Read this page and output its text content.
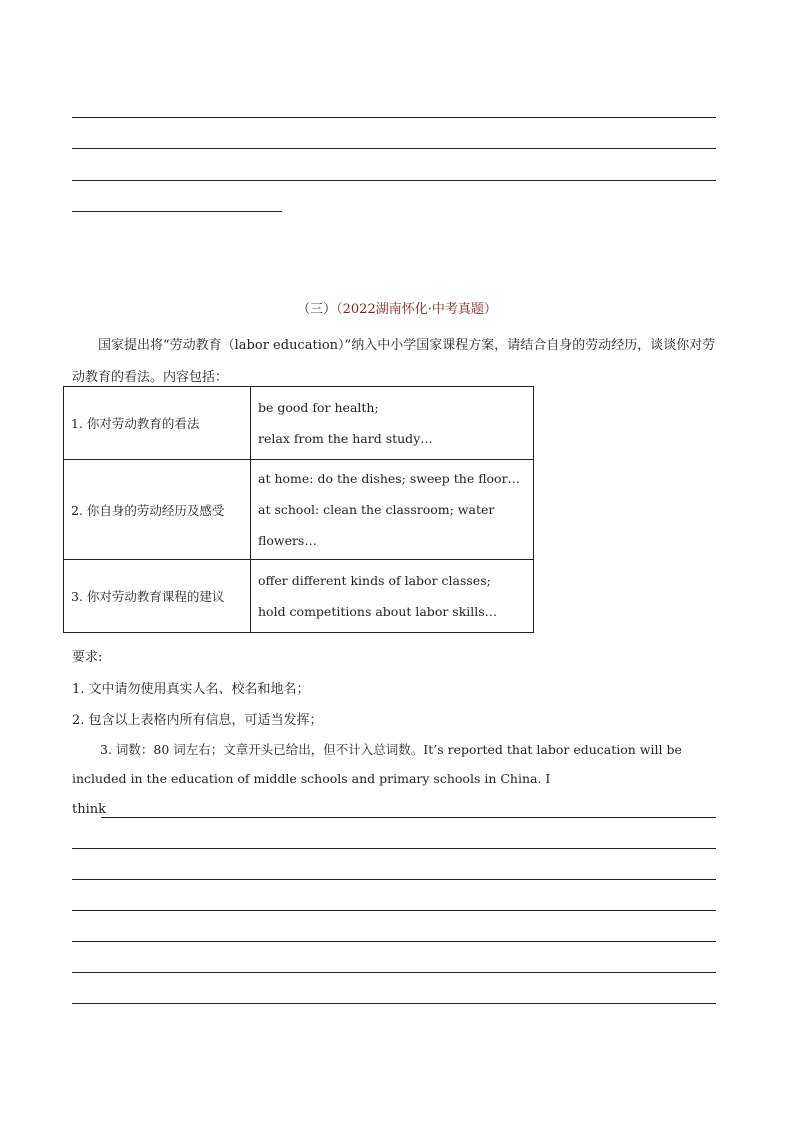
（三）（2022湖南怀化·中考真题）
国家提出将“劳动教育（labor education）”纳入中小学国家课程方案，请结合自身的劳动经历，谈谈你对劳动教育的看法。内容包括：
1. 你对劳动教育的看法	be good for health;
relax from the hard study…

2. 你自身的劳动经历及感受	at home: do the dishes; sweep the floor…
at school: clean the classroom; water flowers…

3. 你对劳动教育课程的建议	offer different kinds of labor classes;
hold competitions about labor skills…
要求:
1. 文中请勿使用真实人名、校名和地名；
2. 包含以上表格内所有信息，可适当发挥；
3. 词数：80 词左右；文章开头已给出，但不计入总词数。It’s reported that labor education will be
included in the education of middle schools and primary schools in China. I
think
